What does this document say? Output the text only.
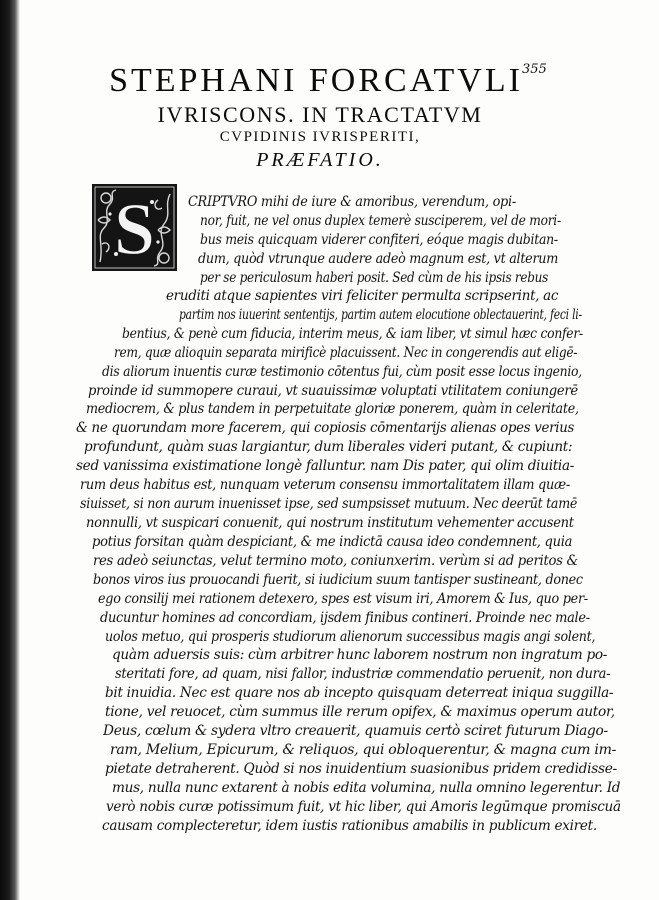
355
STEPHANI FORCATVLI
IVRISCONS. IN TRACTATVM
CVPIDINIS IVRISPERITI,
PRÆFATIO.
S CRIPTVRO mihi de iure & amoribus, verendum, opi-
nor, fuit, ne vel onus duplex temerè susciperem, vel de mori-
bus meis quicquam viderer confiteri, eóque magis dubitan-
dum, quòd vtrunque audere adeò magnum est, vt alterum
per se periculosum haberi posit. Sed cùm de his ipsis rebus
eruditi atque sapientes viri feliciter permulta scripserint, ac
partim nos iuuerint sententijs, partim autem elocutione oblectauerint, feci li-
bentius, & penè cum fiducia, interim meus, & iam liber, vt simul hæc confer-
rem, quæ alioquin separata mirificè placuissent. Nec in congerendis aut eligē-
dis aliorum inuentis curæ testimonio cōtentus fui, cùm posit esse locus ingenio,
proinde id summopere curaui, vt suauissimæ voluptati vtilitatem coniungerē
mediocrem, & plus tandem in perpetuitate gloriæ ponerem, quàm in celeritate,
& ne quorundam more facerem, qui copiosis cōmentarijs alienas opes verius
profundunt, quàm suas largiantur, dum liberales videri putant, & cupiunt:
sed vanissima existimatione longè falluntur. nam Dis pater, qui olim diuitia-
rum deus habitus est, nunquam veterum consensu immortalitatem illam quæ-
siuisset, si non aurum inuenisset ipse, sed sumpsisset mutuum. Nec deerūt tamē
nonnulli, vt suspicari conuenit, qui nostrum institutum vehementer accusent
potius forsitan quàm despiciant, & me indictā causa ideo condemnent, quia
res adeò seiunctas, velut termino moto, coniunxerim. verùm si ad peritos &
bonos viros ius prouocandi fuerit, si iudicium suum tantisper sustineant, donec
ego consilij mei rationem detexero, spes est visum iri, Amorem & Ius, quo per-
ducuntur homines ad concordiam, ijsdem finibus contineri. Proinde nec male-
uolos metuo, qui prosperis studiorum alienorum successibus magis angi solent,
quàm aduersis suis: cùm arbitrer hunc laborem nostrum non ingratum po-
steritati fore, ad quam, nisi fallor, industriæ commendatio peruenit, non dura-
bit inuidia. Nec est quare nos ab incepto quisquam deterreat iniqua suggilla-
tione, vel reuocet, cùm summus ille rerum opifex, & maximus operum autor,
Deus, cœlum & sydera vltro creauerit, quamuis certò sciret futurum Diago-
ram, Melium, Epicurum, & reliquos, qui obloquerentur, & magna cum im-
pietate detraherent. Quòd si nos inuidentium suasionibus pridem credidisse-
mus, nulla nunc extarent à nobis edita volumina, nulla omnino legerentur. Id
verò nobis curæ potissimum fuit, vt hic liber, qui Amoris legūmque promiscuā
causam complecteretur, idem iustis rationibus amabilis in publicum exiret.
